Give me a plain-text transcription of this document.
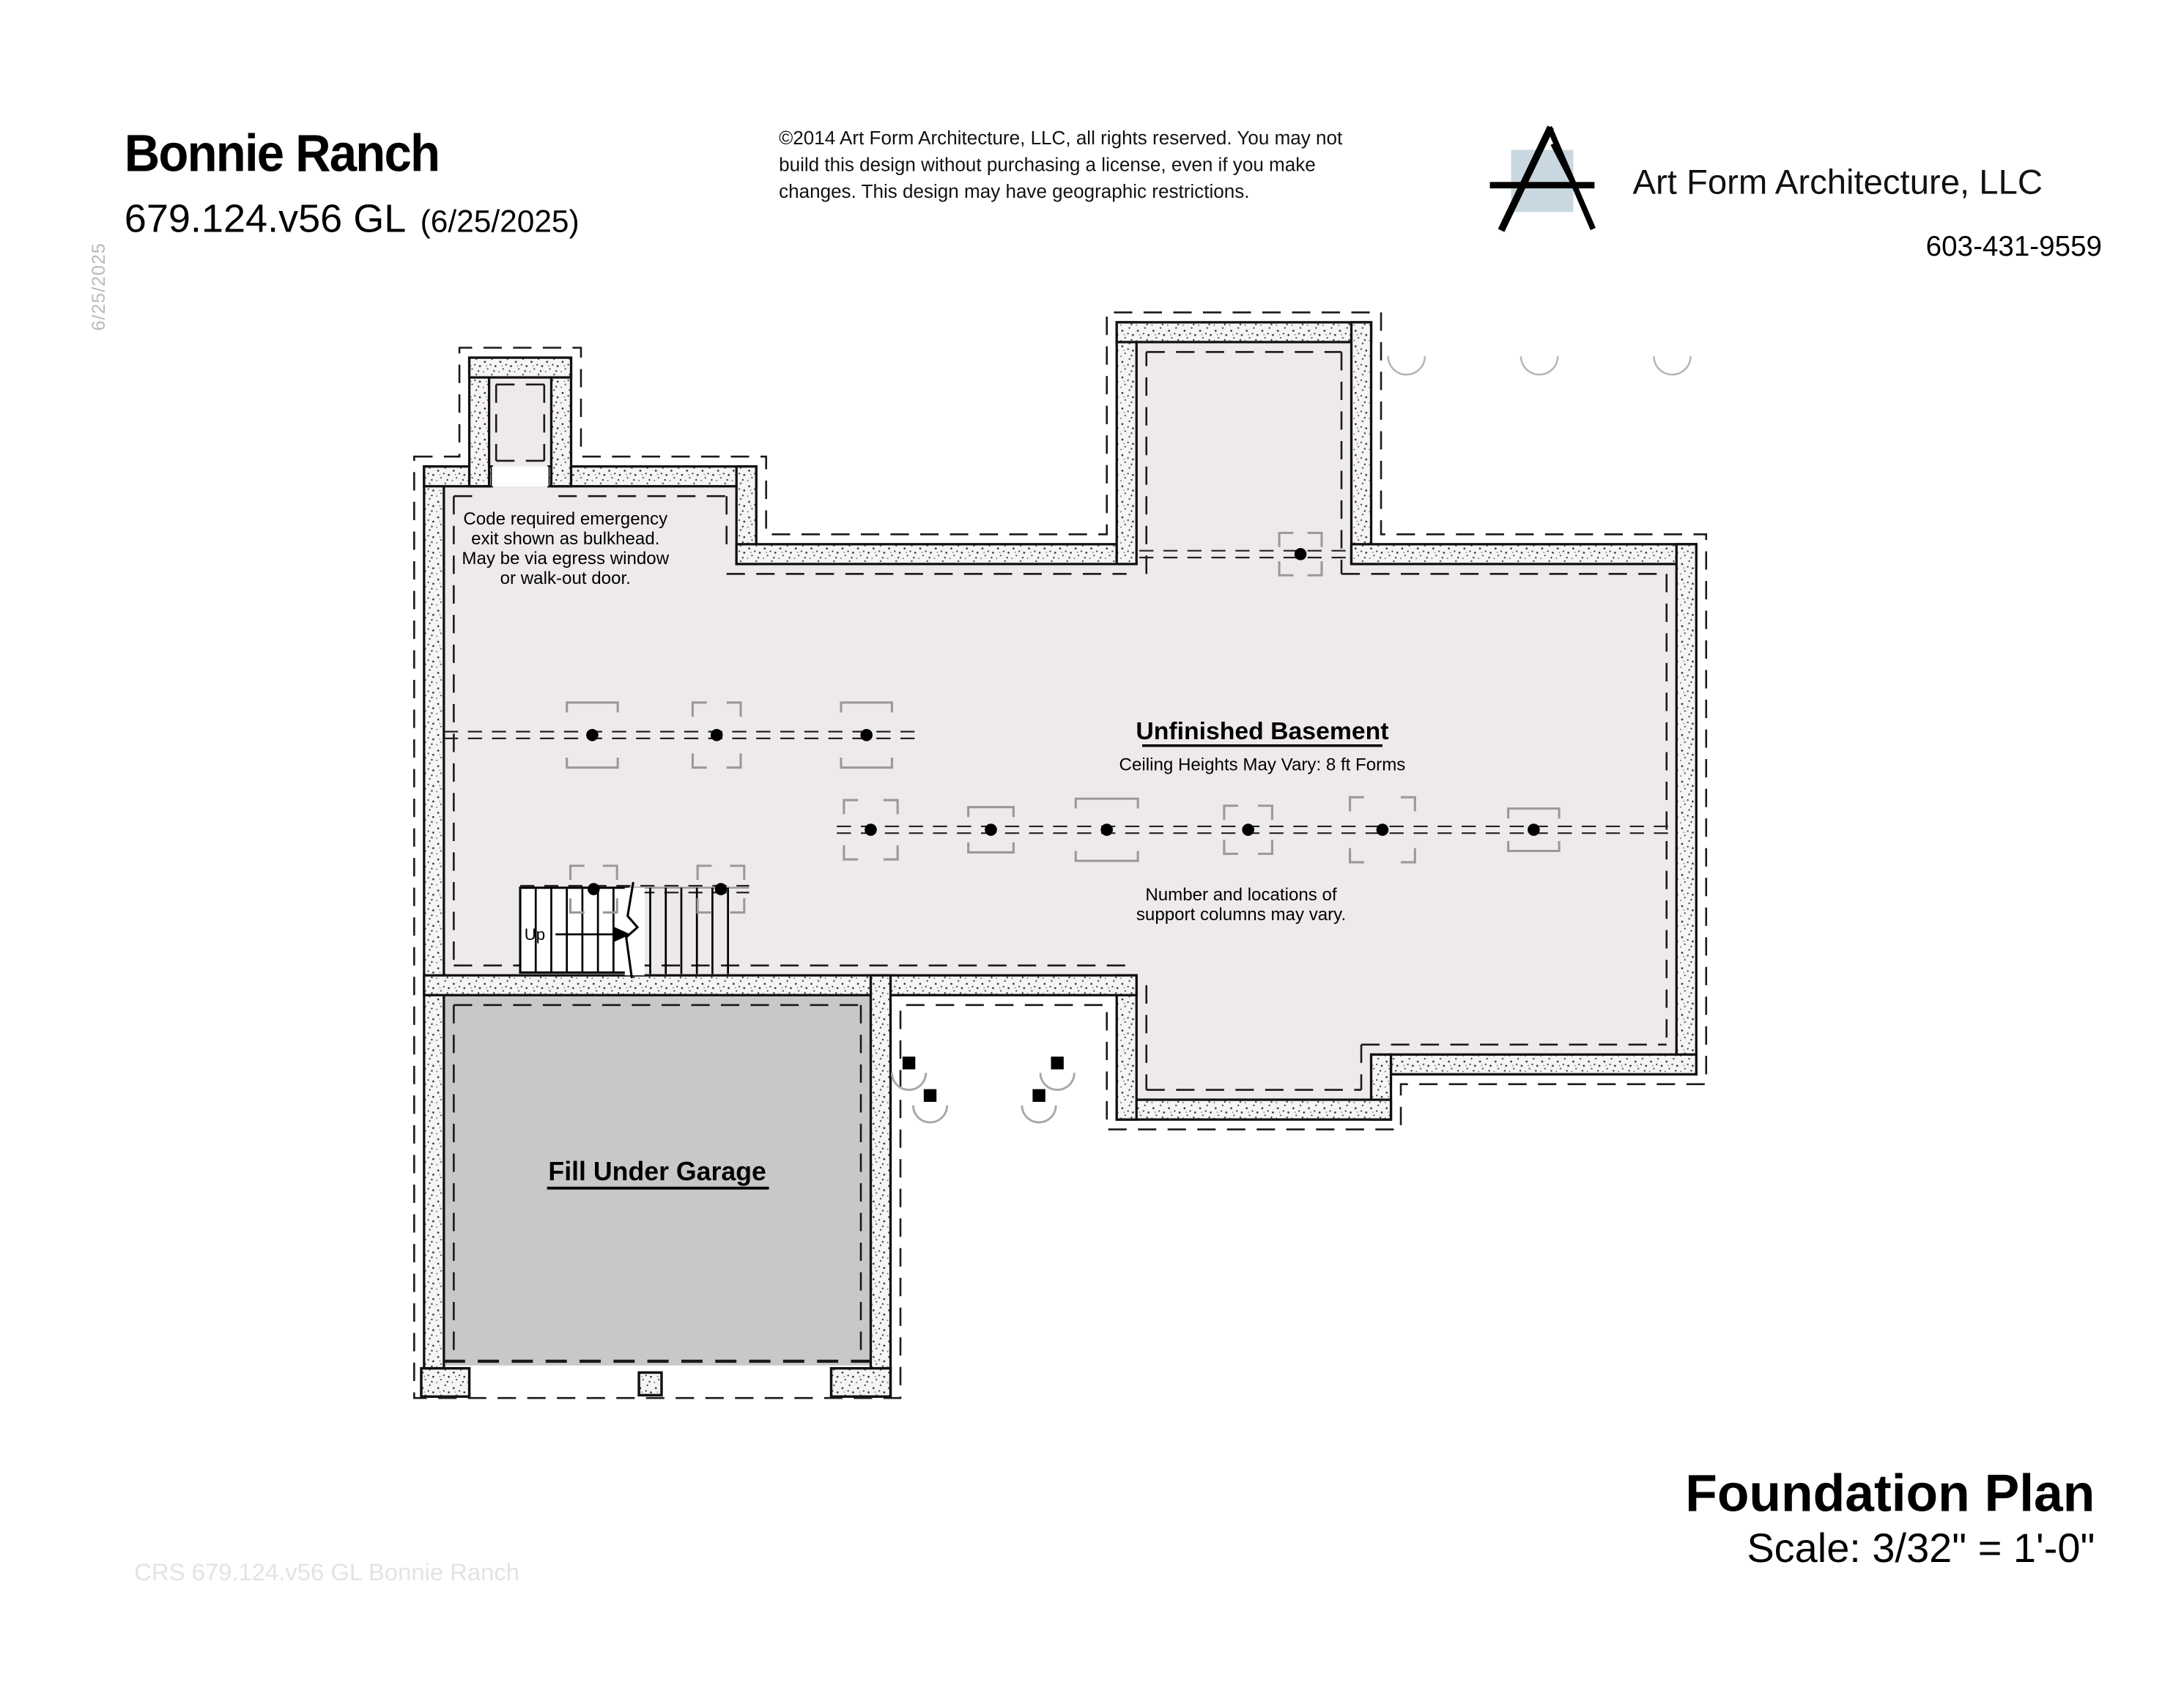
6/25/2025
Bonnie Ranch
679.124.v56 GL (6/25/2025)
©2014 Art Form Architecture, LLC, all rights reserved. You may not
build this design without purchasing a license, even if you make
changes. This design may have geographic restrictions.	Art Form Architecture, LLC
603-431-9559
Up
Code required emergency
exit shown as bulkhead.
May be via egress window
or walk-out door.
Unfinished Basement
Ceiling Heights May Vary: 8 ft Forms
Number and locations of
support columns may vary.
Fill Under Garage
Foundation Plan
Scale: 3/32" = 1'-0"
CRS 679.124.v56 GL Bonnie Ranch
